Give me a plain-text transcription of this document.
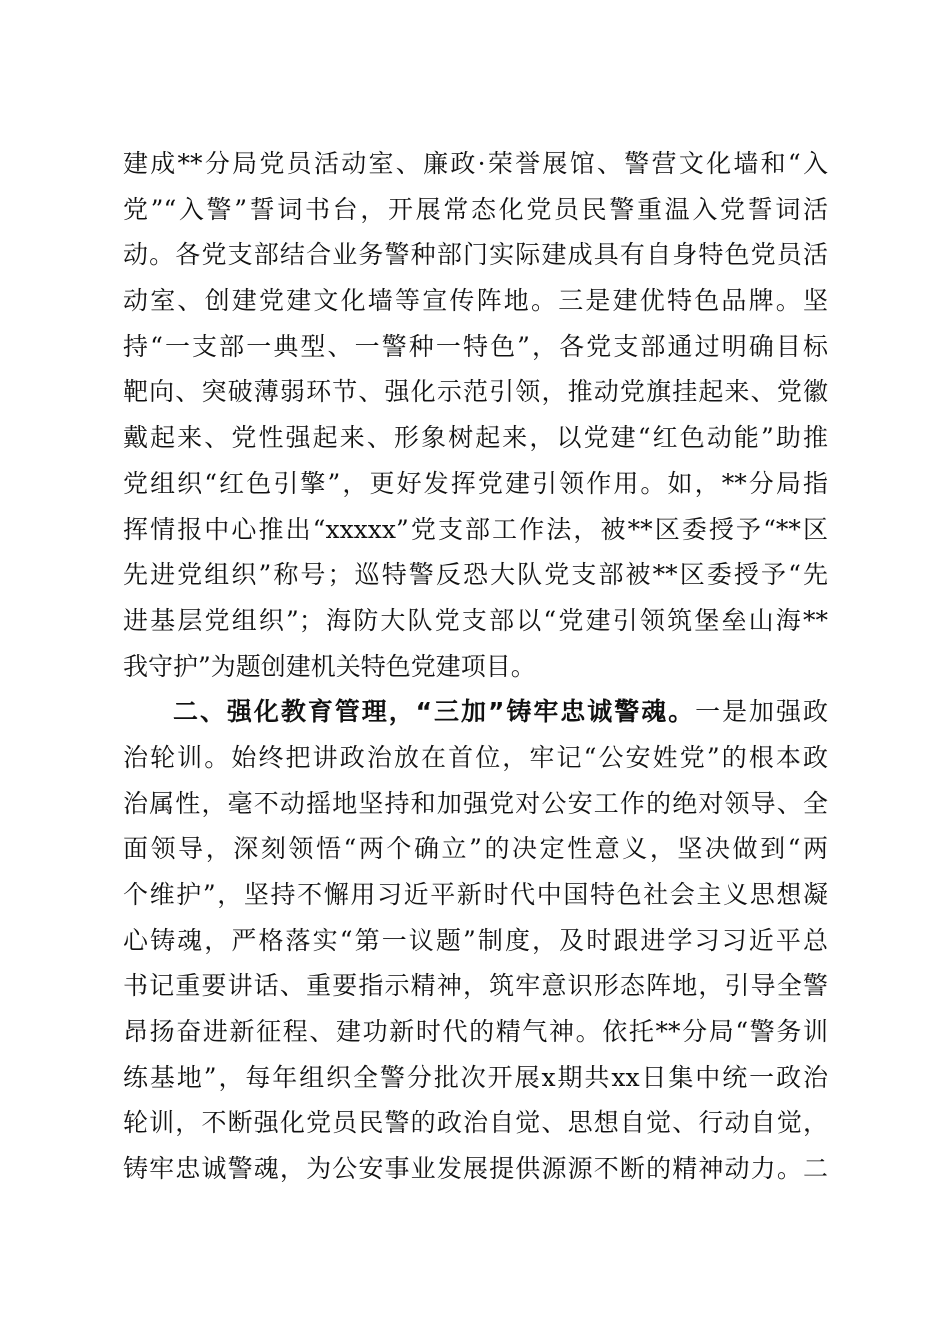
建成**分局党员活动室、廉政·荣誉展馆、警营文化墙和“入
党”“入警”誓词书台，开展常态化党员民警重温入党誓词活
动。各党支部结合业务警种部门实际建成具有自身特色党员活
动室、创建党建文化墙等宣传阵地。三是建优特色品牌。坚
持“一支部一典型、一警种一特色”，各党支部通过明确目标
靶向、突破薄弱环节、强化示范引领，推动党旗挂起来、党徽
戴起来、党性强起来、形象树起来，以党建“红色动能”助推
党组织“红色引擎”，更好发挥党建引领作用。如，**分局指
挥情报中心推出“xxxxx”党支部工作法，被**区委授予“**区
先进党组织”称号；巡特警反恐大队党支部被**区委授予“先
进基层党组织”；海防大队党支部以“党建引领筑堡垒山海**
我守护”为题创建机关特色党建项目。
二、强化教育管理，“三加”铸牢忠诚警魂。一是加强政
治轮训。始终把讲政治放在首位，牢记“公安姓党”的根本政
治属性，毫不动摇地坚持和加强党对公安工作的绝对领导、全
面领导，深刻领悟“两个确立”的决定性意义，坚决做到“两
个维护”，坚持不懈用习近平新时代中国特色社会主义思想凝
心铸魂，严格落实“第一议题”制度，及时跟进学习习近平总
书记重要讲话、重要指示精神，筑牢意识形态阵地，引导全警
昂扬奋进新征程、建功新时代的精气神。依托**分局“警务训
练基地”，每年组织全警分批次开展x期共xx日集中统一政治
轮训，不断强化党员民警的政治自觉、思想自觉、行动自觉，
铸牢忠诚警魂，为公安事业发展提供源源不断的精神动力。二
